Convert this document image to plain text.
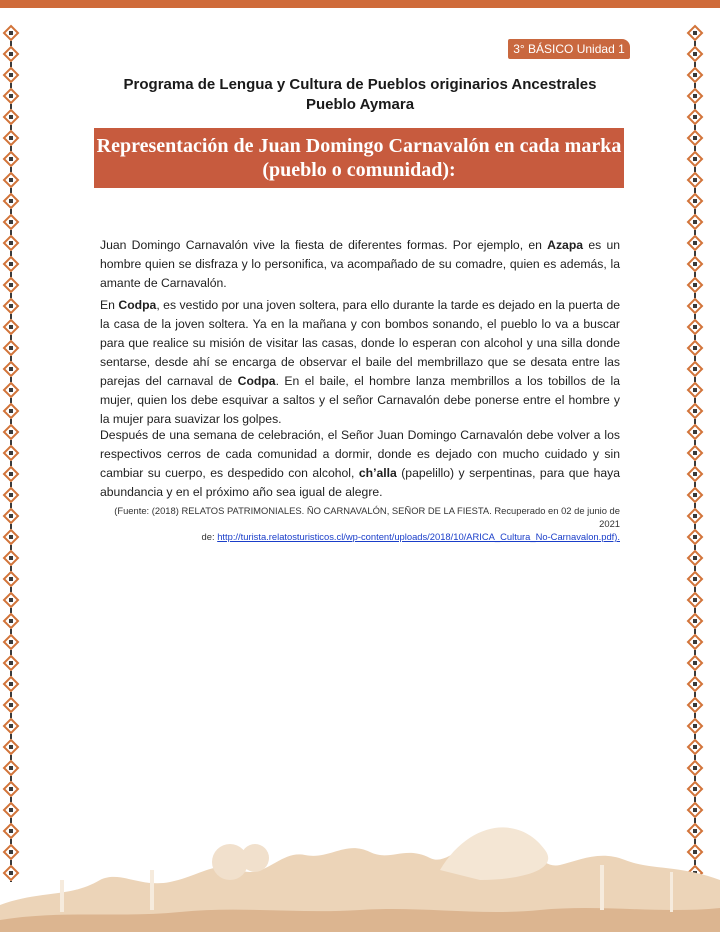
3° BÁSICO Unidad 1
Programa de Lengua y Cultura de Pueblos originarios Ancestrales
Pueblo Aymara
Representación de Juan Domingo Carnavalón en cada marka
(pueblo o comunidad):

Juan Domingo Carnavalón vive la fiesta de diferentes formas. Por ejemplo, en Azapa es un hombre quien se disfraza y lo personifica, va acompañado de su comadre, quien es además, la amante de Carnavalón.

En Codpa, es vestido por una joven soltera, para ello durante la tarde es dejado en la puerta de la casa de la joven soltera. Ya en la mañana y con bombos sonando, el pueblo lo va a buscar para que realice su misión de visitar las casas, donde lo esperan con alcohol y una silla donde sentarse, desde ahí se encarga de observar el baile del membrillazo que se desata entre las parejas del carnaval de Codpa. En el baile, el hombre lanza membrillos a los tobillos de la mujer, quien los debe esquivar a saltos y el señor Carnavalón debe ponerse entre el hombre y la mujer para suavizar los golpes.

Después de una semana de celebración, el Señor Juan Domingo Carnavalón debe volver a los respectivos cerros de cada comunidad a dormir, donde es dejado con mucho cuidado y sin cambiar su cuerpo, es despedido con alcohol, ch’alla (papelillo) y serpentinas, para que haya abundancia y en el próximo año sea igual de alegre.

(Fuente: (2018) RELATOS PATRIMONIALES. ÑO CARNAVALÓN, SEÑOR DE LA FIESTA. Recuperado en 02 de junio de 2021
de: http://turista.relatosturisticos.cl/wp-content/uploads/2018/10/ARICA_Cultura_No-Carnavalon.pdf).
